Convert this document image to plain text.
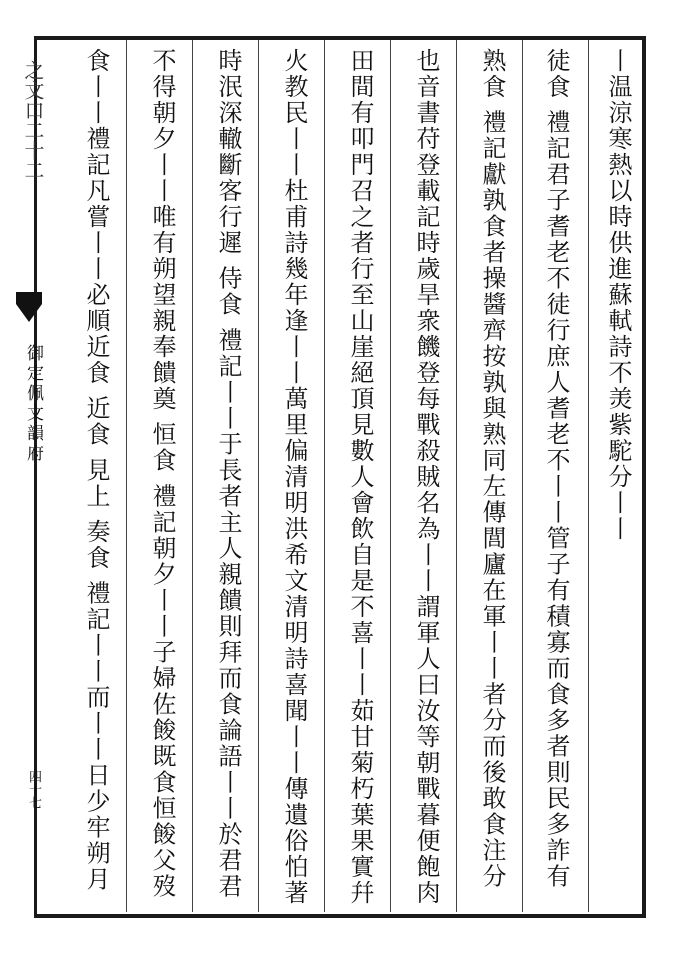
之文口二十二
御定佩文韻府
四十七
丨温涼寒熱以時供進蘇軾詩不羙紫駝分丨丨
徒食 禮記君子耆老不徒行庶人耆老不丨丨管子有積寡而食多者則民多詐有
熟食 禮記獻孰食者操醬齊按孰與熟同左傳閭廬在軍丨丨者分而後敢食注分
也音書苻登載記時歲旱衆饑登每戰殺賊名為丨丨謂軍人曰汝等朝戰暮便飽肉
田間有叩門召之者行至山崖絕頂見數人會飲自是不喜丨丨茹甘菊朽葉果實幷
火教民丨丨杜甫詩幾年逢丨丨萬里偏清明洪希文清明詩喜聞丨丨傳遺俗怕著
時泯深轍斷客行遲 侍食 禮記丨丨于長者主人親饋則拜而食論語丨丨於君君
不得朝夕丨丨唯有朔望親奉饋奠 恒食 禮記朝夕丨丨子婦佐餕既食恒餕父歿
食丨丨禮記凡嘗丨丨必順近食 近食 見上 奏食 禮記丨丨而丨丨日少牢朔月
